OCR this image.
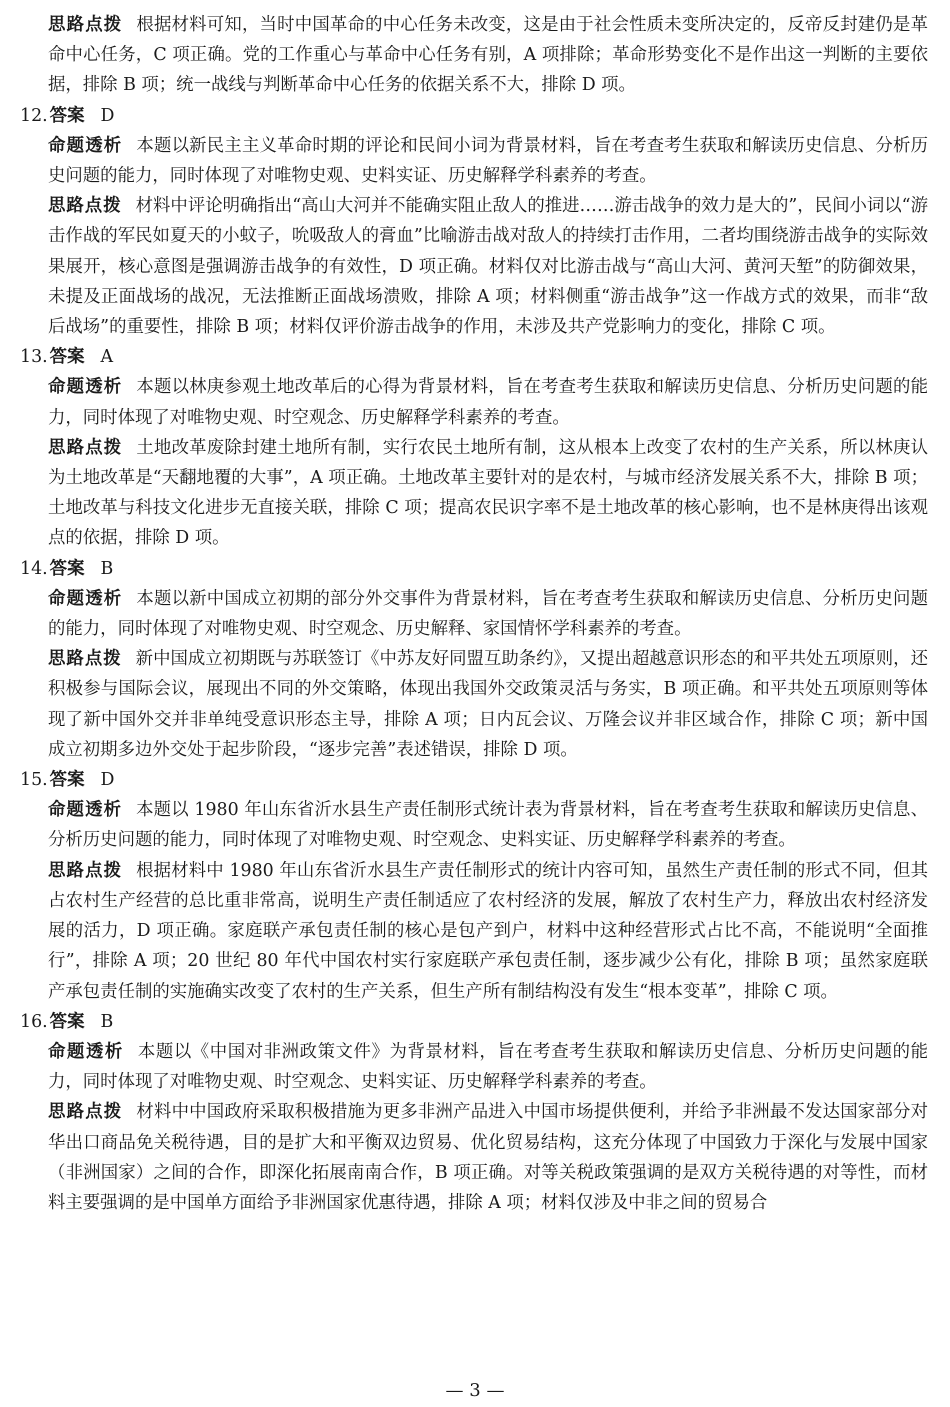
思路点拨 根据材料可知，当时中国革命的中心任务未改变，这是由于社会性质未变所决定的，反帝反封建仍是革命中心任务，C 项正确。党的工作重心与革命中心任务有别，A 项排除；革命形势变化不是作出这一判断的主要依据，排除 B 项；统一战线与判断革命中心任务的依据关系不大，排除 D 项。

12. 答案 D

命题透析 本题以新民主主义革命时期的评论和民间小词为背景材料，旨在考查考生获取和解读历史信息、分析历史问题的能力，同时体现了对唯物史观、史料实证、历史解释学科素养的考查。

思路点拨 材料中评论明确指出“高山大河并不能确实阻止敌人的推进……游击战争的效力是大的”，民间小词以“游击作战的军民如夏天的小蚊子，吮吸敌人的膏血”比喻游击战对敌人的持续打击作用，二者均围绕游击战争的实际效果展开，核心意图是强调游击战争的有效性，D 项正确。材料仅对比游击战与“高山大河、黄河天堑”的防御效果，未提及正面战场的战况，无法推断正面战场溃败，排除 A 项；材料侧重“游击战争”这一作战方式的效果，而非“敌后战场”的重要性，排除 B 项；材料仅评价游击战争的作用，未涉及共产党影响力的变化，排除 C 项。

13. 答案 A

命题透析 本题以林庚参观土地改革后的心得为背景材料，旨在考查考生获取和解读历史信息、分析历史问题的能力，同时体现了对唯物史观、时空观念、历史解释学科素养的考查。

思路点拨 土地改革废除封建土地所有制，实行农民土地所有制，这从根本上改变了农村的生产关系，所以林庚认为土地改革是“天翻地覆的大事”，A 项正确。土地改革主要针对的是农村，与城市经济发展关系不大，排除 B 项；土地改革与科技文化进步无直接关联，排除 C 项；提高农民识字率不是土地改革的核心影响，也不是林庚得出该观点的依据，排除 D 项。

14. 答案 B

命题透析 本题以新中国成立初期的部分外交事件为背景材料，旨在考查考生获取和解读历史信息、分析历史问题的能力，同时体现了对唯物史观、时空观念、历史解释、家国情怀学科素养的考查。

思路点拨 新中国成立初期既与苏联签订《中苏友好同盟互助条约》，又提出超越意识形态的和平共处五项原则，还积极参与国际会议，展现出不同的外交策略，体现出我国外交政策灵活与务实，B 项正确。和平共处五项原则等体现了新中国外交并非单纯受意识形态主导，排除 A 项；日内瓦会议、万隆会议并非区域合作，排除 C 项；新中国成立初期多边外交处于起步阶段，“逐步完善”表述错误，排除 D 项。

15. 答案 D

命题透析 本题以 1980 年山东省沂水县生产责任制形式统计表为背景材料，旨在考查考生获取和解读历史信息、分析历史问题的能力，同时体现了对唯物史观、时空观念、史料实证、历史解释学科素养的考查。

思路点拨 根据材料中 1980 年山东省沂水县生产责任制形式的统计内容可知，虽然生产责任制的形式不同，但其占农村生产经营的总比重非常高，说明生产责任制适应了农村经济的发展，解放了农村生产力，释放出农村经济发展的活力，D 项正确。家庭联产承包责任制的核心是包产到户，材料中这种经营形式占比不高，不能说明“全面推行”，排除 A 项；20 世纪 80 年代中国农村实行家庭联产承包责任制，逐步减少公有化，排除 B 项；虽然家庭联产承包责任制的实施确实改变了农村的生产关系，但生产所有制结构没有发生“根本变革”，排除 C 项。

16. 答案 B

命题透析 本题以《中国对非洲政策文件》为背景材料，旨在考查考生获取和解读历史信息、分析历史问题的能力，同时体现了对唯物史观、时空观念、史料实证、历史解释学科素养的考查。

思路点拨 材料中中国政府采取积极措施为更多非洲产品进入中国市场提供便利，并给予非洲最不发达国家部分对华出口商品免关税待遇，目的是扩大和平衡双边贸易、优化贸易结构，这充分体现了中国致力于深化与发展中国家（非洲国家）之间的合作，即深化拓展南南合作，B 项正确。对等关税政策强调的是双方关税待遇的对等性，而材料主要强调的是中国单方面给予非洲国家优惠待遇，排除 A 项；材料仅涉及中非之间的贸易合

— 3 —
